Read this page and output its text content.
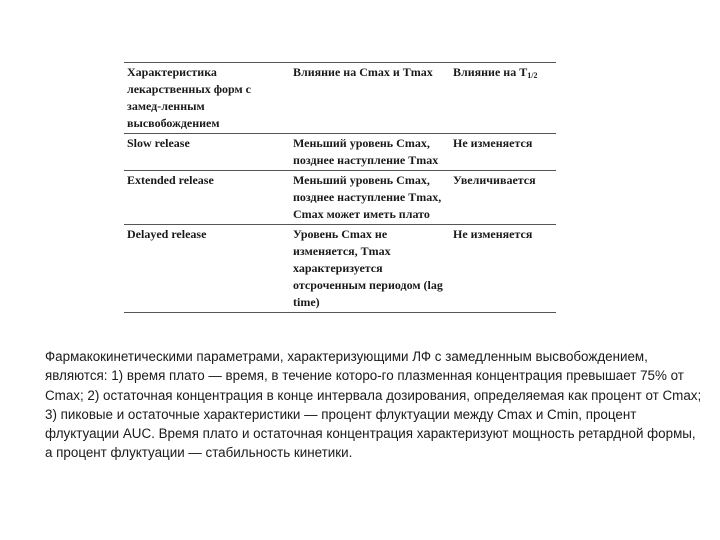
Характеристика лекарственных форм с замед-ленным высвобождением	Влияние на Cmax и Tmax	Влияние на $T_{1/2}$
Slow release	Меньший уровень Cmax, позднее наступление Tmax	Не изменяется
Extended release	Меньший уровень Cmax, позднее наступление Tmax, Cmax может иметь плато	Увеличивается
Delayed release	Уровень Cmax не изменяется, Tmax характеризуется отсроченным периодом (lag time)	Не изменяется

Фармакокинетическими параметрами, характеризующими ЛФ с замедленным высвобождением, являются: 1) время плато — время, в течение которо-го плазменная концентрация превышает 75% от Cmax; 2) остаточная концентрация в конце интервала дозирования, определяемая как процент от Cmax; 3) пиковые и остаточные характеристики — процент флуктуации между Cmax и Cmin, процент флуктуации AUC. Время плато и остаточная концентрация характеризуют мощность ретардной формы, а процент флуктуации — стабильность кинетики.
